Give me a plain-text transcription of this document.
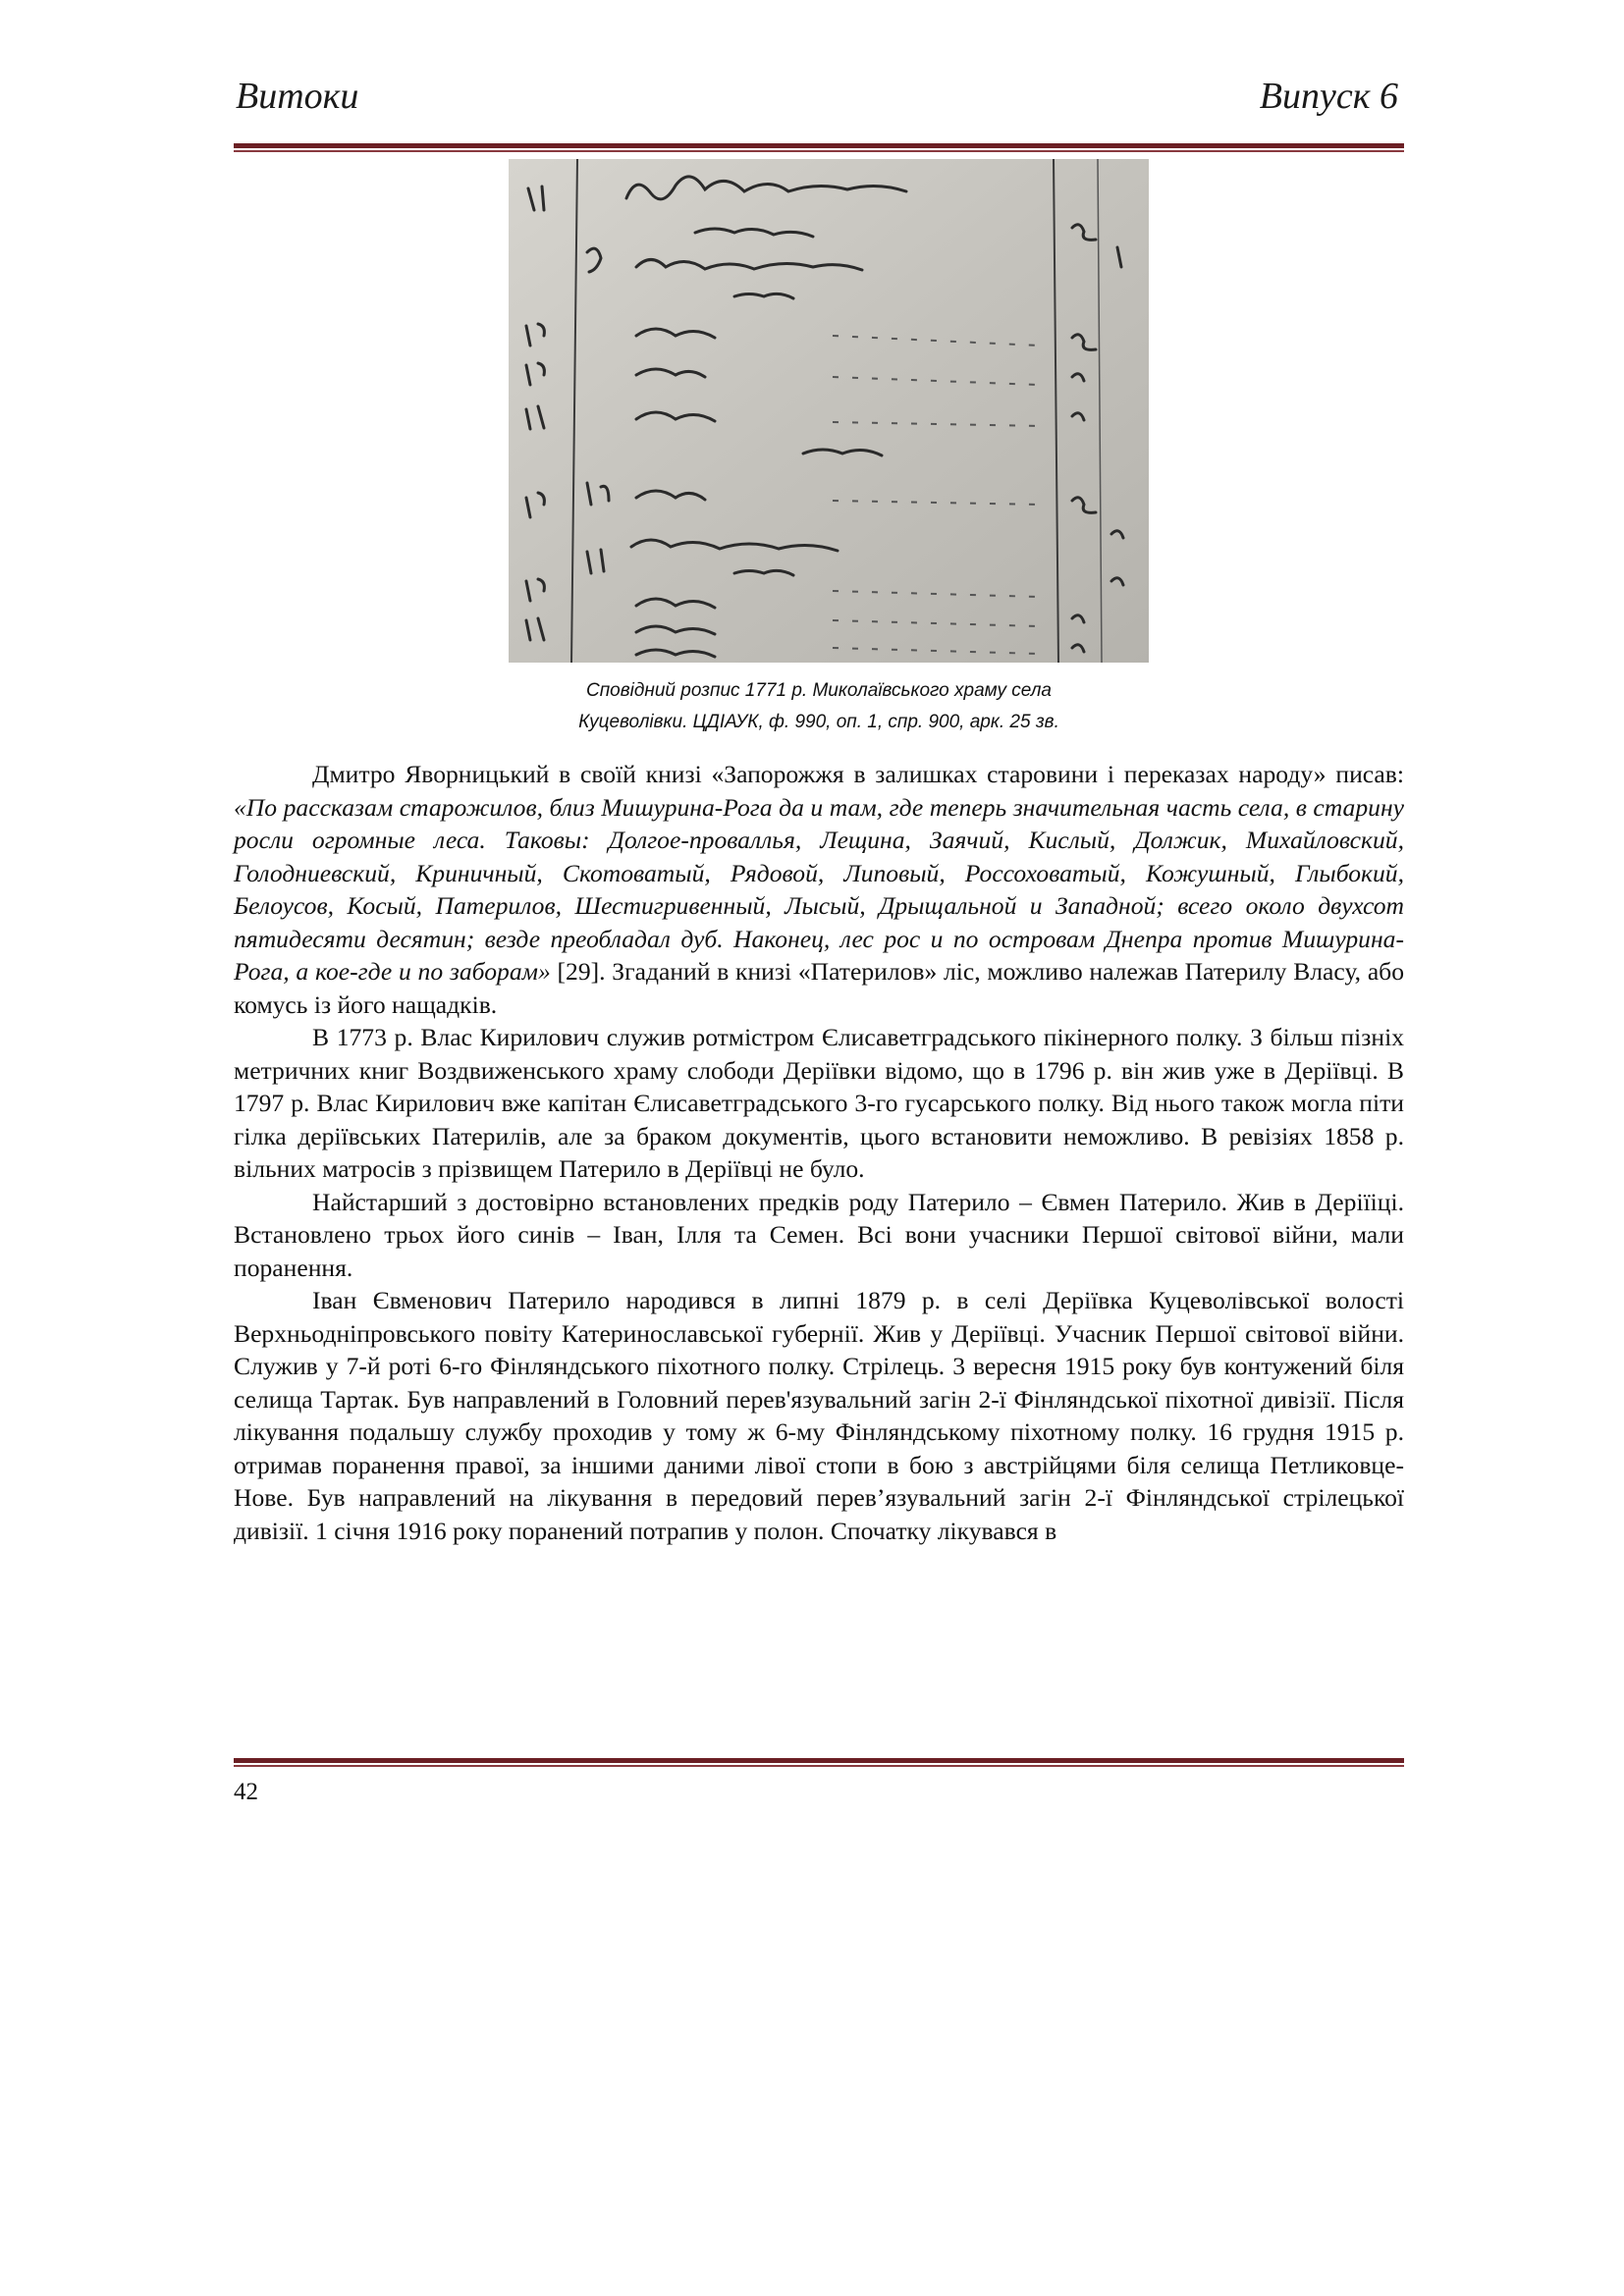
Витоки	Випуск 6
Сповідний розпис 1771 р. Миколаївського храму села
Куцеволівки. ЦДІАУК, ф. 990, оп. 1, спр. 900, арк. 25 зв.

Дмитро Яворницький в своїй книзі «Запорожжя в залишках старовини і переказах народу» писав: «По рассказам старожилов, близ Мишурина-Рога да и там, где теперь значительная часть села, в старину росли огромные леса. Таковы: Долгое-проваллья, Лещина, Заячий, Кислый, Должик, Михайловский, Голодниевский, Криничный, Скотоватый, Рядовой, Липовый, Россоховатый, Кожушный, Глыбокий, Белоусов, Косый, Патерилов, Шестигривенный, Лысый, Дрыщальной и Западной; всего около двухсот пятидесяти десятин; везде преобладал дуб. Наконец, лес рос и по островам Днепра против Мишурина-Рога, а кое-где и по заборам» [29]. Згаданий в книзі «Патерилов» ліс, можливо належав Патерилу Власу, або комусь із його нащадків.

В 1773 р. Влас Кирилович служив ротмістром Єлисаветградського пікінерного полку. З більш пізніх метричних книг Воздвиженського храму слободи Деріївки відомо, що в 1796 р. він жив уже в Деріївці. В 1797 р. Влас Кирилович вже капітан Єлисаветградського 3-го гусарського полку. Від нього також могла піти гілка деріївських Патерилів, але за браком документів, цього встановити неможливо. В ревізіях 1858 р. вільних матросів з прізвищем Патерило в Деріївці не було.

Найстарший з достовірно встановлених предків роду Патерило – Євмен Патерило. Жив в Деріїіці. Встановлено трьох його синів – Іван, Ілля та Семен. Всі вони учасники Першої світової війни, мали поранення.

Іван Євменович Патерило народився в липні 1879 р. в селі Деріївка Куцеволівської волості Верхньодніпровського повіту Катеринославської губернії. Жив у Деріївці. Учасник Першої світової війни. Служив у 7-й роті 6-го Фінляндського піхотного полку. Стрілець. 3 вересня 1915 року був контужений біля селища Тартак. Був направлений в Головний перев'язувальний загін 2-ї Фінляндської піхотної дивізії. Після лікування подальшу службу проходив у тому ж 6-му Фінляндському піхотному полку. 16 грудня 1915 р. отримав поранення правої, за іншими даними лівої стопи в бою з австрійцями біля селища Петликовце-Нове. Був направлений на лікування в передовий перев’язувальний загін 2-ї Фінляндської стрілецької дивізії. 1 січня 1916 року поранений потрапив у полон. Спочатку лікувався в

42
